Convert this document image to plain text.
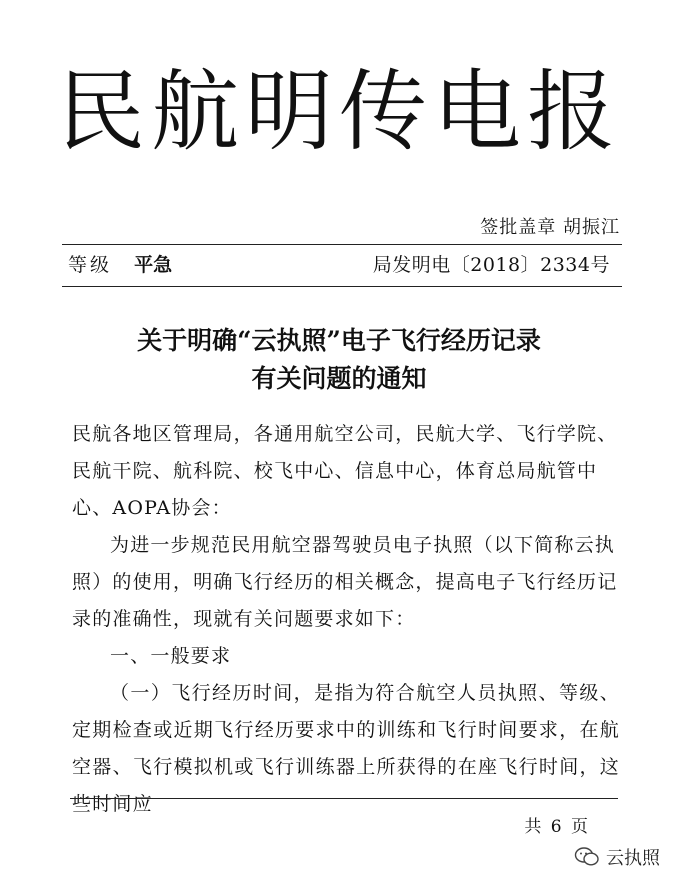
民航明传电报
签批盖章 胡振江
等级 平急	局发明电〔2018〕2334号
关于明确“云执照”电子飞行经历记录
有关问题的通知

民航各地区管理局，各通用航空公司，民航大学、飞行学院、民航干院、航科院、校飞中心、信息中心，体育总局航管中心、AOPA协会：

为进一步规范民用航空器驾驶员电子执照（以下简称云执照）的使用，明确飞行经历的相关概念，提高电子飞行经历记录的准确性，现就有关问题要求如下：

一、一般要求

（一）飞行经历时间，是指为符合航空人员执照、等级、定期检查或近期飞行经历要求中的训练和飞行时间要求，在航空器、飞行模拟机或飞行训练器上所获得的在座飞行时间，这些时间应

共 6 页
云执照
